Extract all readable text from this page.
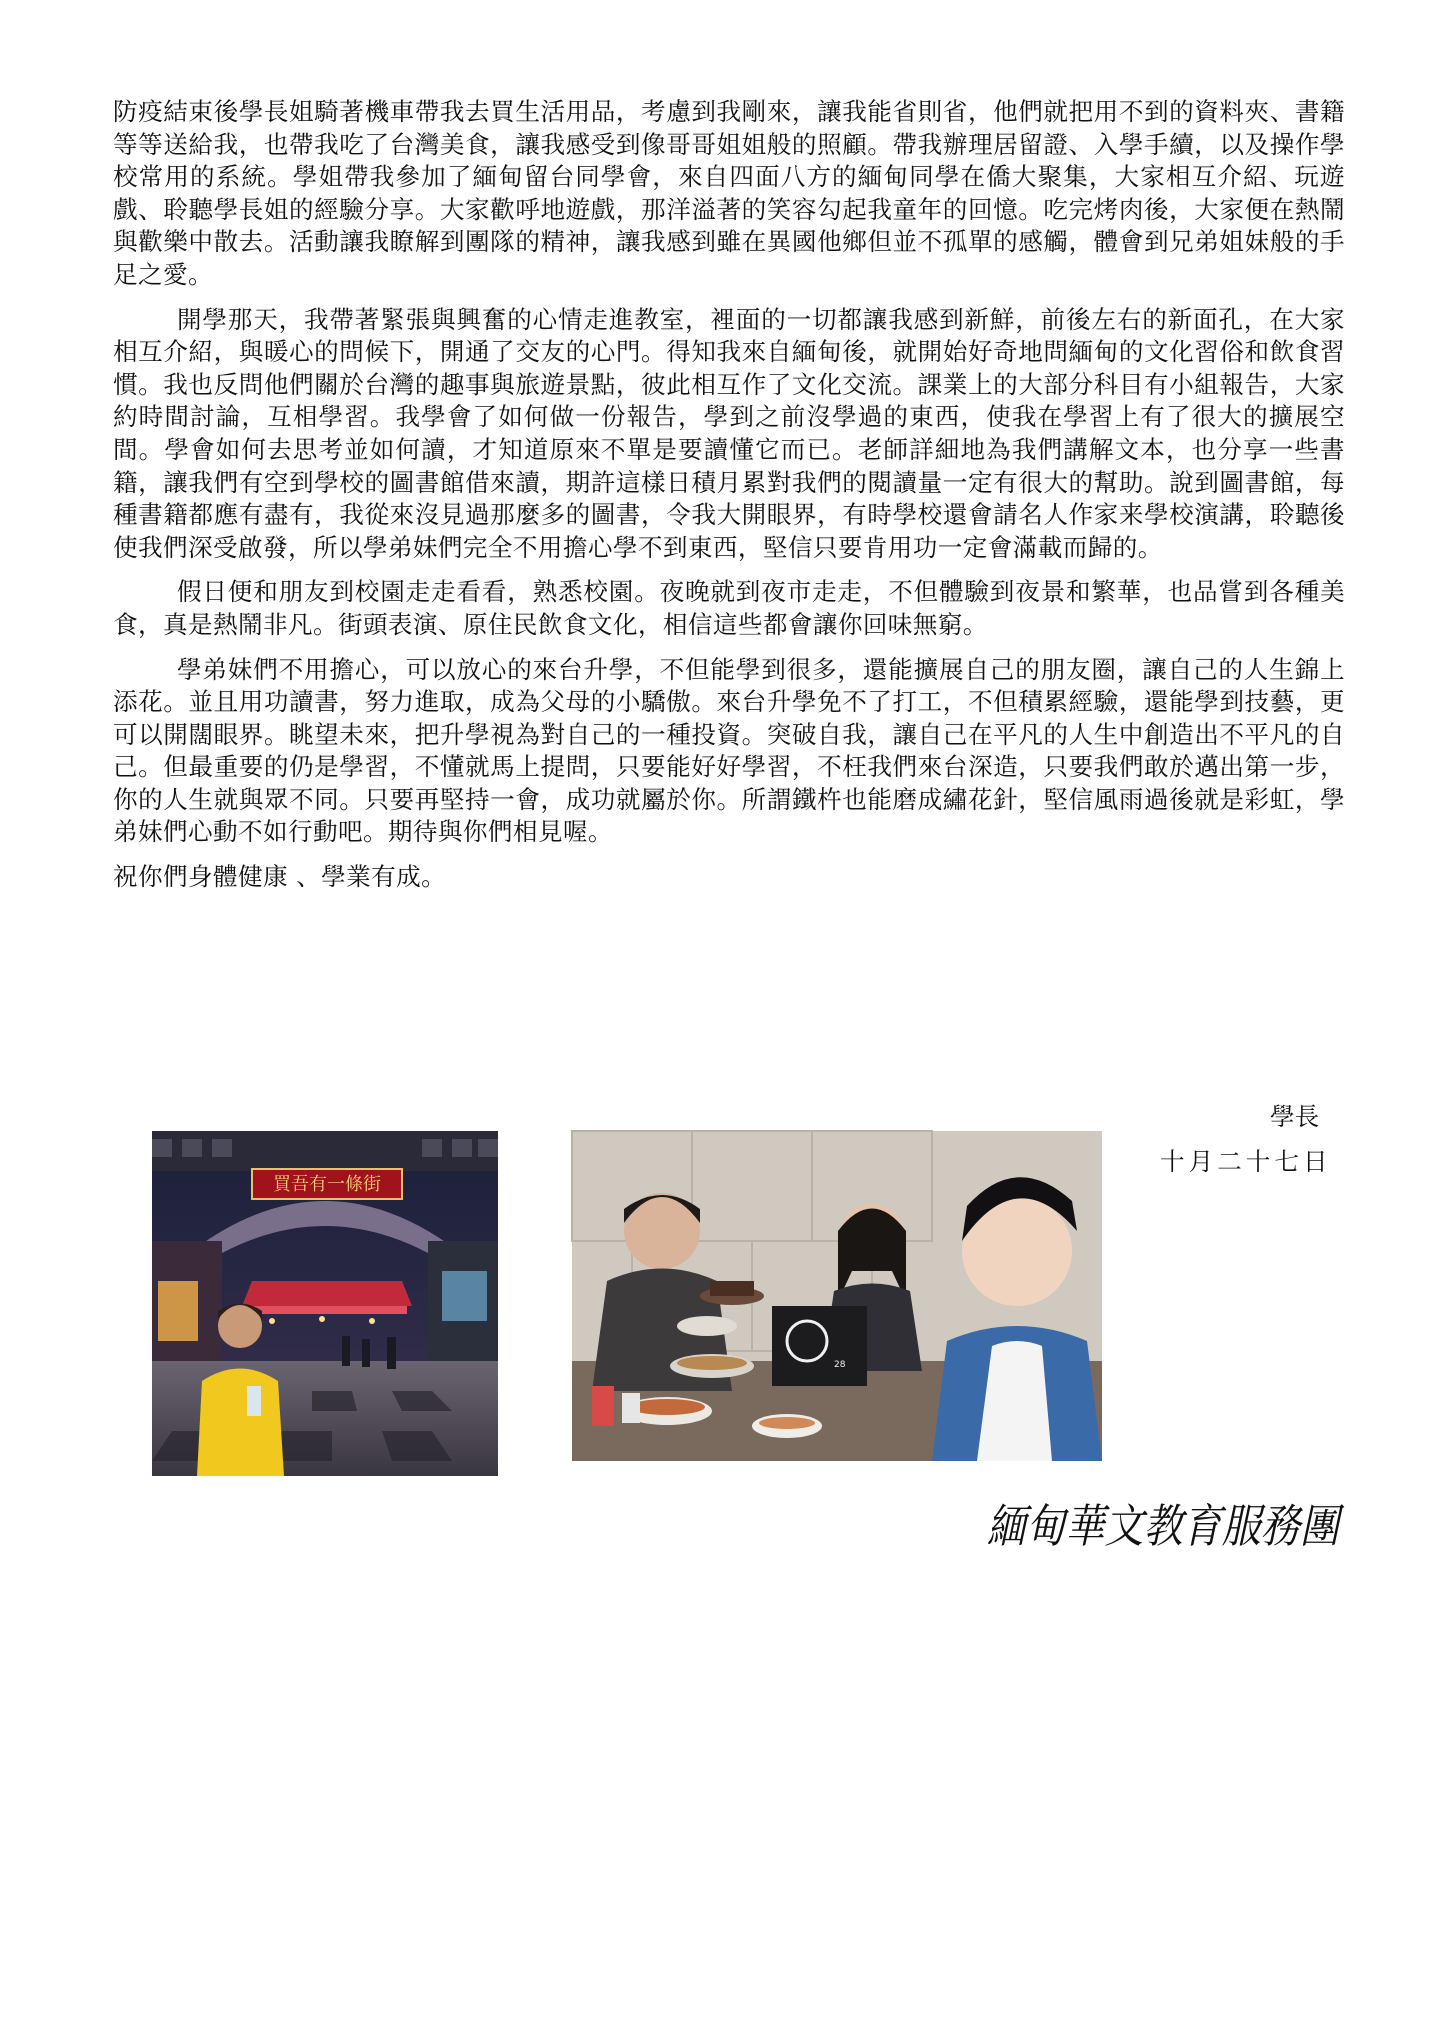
防疫結束後學長姐騎著機車帶我去買生活用品，考慮到我剛來，讓我能省則省，他們就把用不到的資料夾、書籍等等送給我，也帶我吃了台灣美食，讓我感受到像哥哥姐姐般的照顧。帶我辦理居留證、入學手續，以及操作學校常用的系統。學姐帶我參加了緬甸留台同學會，來自四面八方的緬甸同學在僑大聚集，大家相互介紹、玩遊戲、聆聽學長姐的經驗分享。大家歡呼地遊戲，那洋溢著的笑容勾起我童年的回憶。吃完烤肉後，大家便在熱鬧與歡樂中散去。活動讓我瞭解到團隊的精神，讓我感到雖在異國他鄉但並不孤單的感觸，體會到兄弟姐妹般的手足之愛。

開學那天，我帶著緊張與興奮的心情走進教室，裡面的一切都讓我感到新鮮，前後左右的新面孔，在大家相互介紹，與暖心的問候下，開通了交友的心門。得知我來自緬甸後，就開始好奇地問緬甸的文化習俗和飲食習慣。我也反問他們關於台灣的趣事與旅遊景點，彼此相互作了文化交流。課業上的大部分科目有小組報告，大家約時間討論，互相學習。我學會了如何做一份報告，學到之前沒學過的東西，使我在學習上有了很大的擴展空間。學會如何去思考並如何讀，才知道原來不單是要讀懂它而已。老師詳細地為我們講解文本，也分享一些書籍，讓我們有空到學校的圖書館借來讀，期許這樣日積月累對我們的閱讀量一定有很大的幫助。說到圖書館，每種書籍都應有盡有，我從來沒見過那麼多的圖書，令我大開眼界，有時學校還會請名人作家来學校演講，聆聽後使我們深受啟發，所以學弟妹們完全不用擔心學不到東西，堅信只要肯用功一定會滿載而歸的。

假日便和朋友到校園走走看看，熟悉校園。夜晚就到夜市走走，不但體驗到夜景和繁華，也品嘗到各種美食，真是熱鬧非凡。街頭表演、原住民飲食文化，相信這些都會讓你回味無窮。

學弟妹們不用擔心，可以放心的來台升學，不但能學到很多，還能擴展自己的朋友圈，讓自己的人生錦上添花。並且用功讀書，努力進取，成為父母的小驕傲。來台升學免不了打工，不但積累經驗，還能學到技藝，更可以開闊眼界。眺望未來，把升學視為對自己的一種投資。突破自我，讓自己在平凡的人生中創造出不平凡的自己。但最重要的仍是學習，不懂就馬上提問，只要能好好學習，不枉我們來台深造，只要我們敢於邁出第一步，你的人生就與眾不同。只要再堅持一會，成功就屬於你。所謂鐵杵也能磨成繡花針，堅信風雨過後就是彩虹，學弟妹們心動不如行動吧。期待與你們相見喔。

祝你們身體健康 、學業有成。

學長
十月二十七日
買吾有一條街
28
緬甸華文教育服務團
